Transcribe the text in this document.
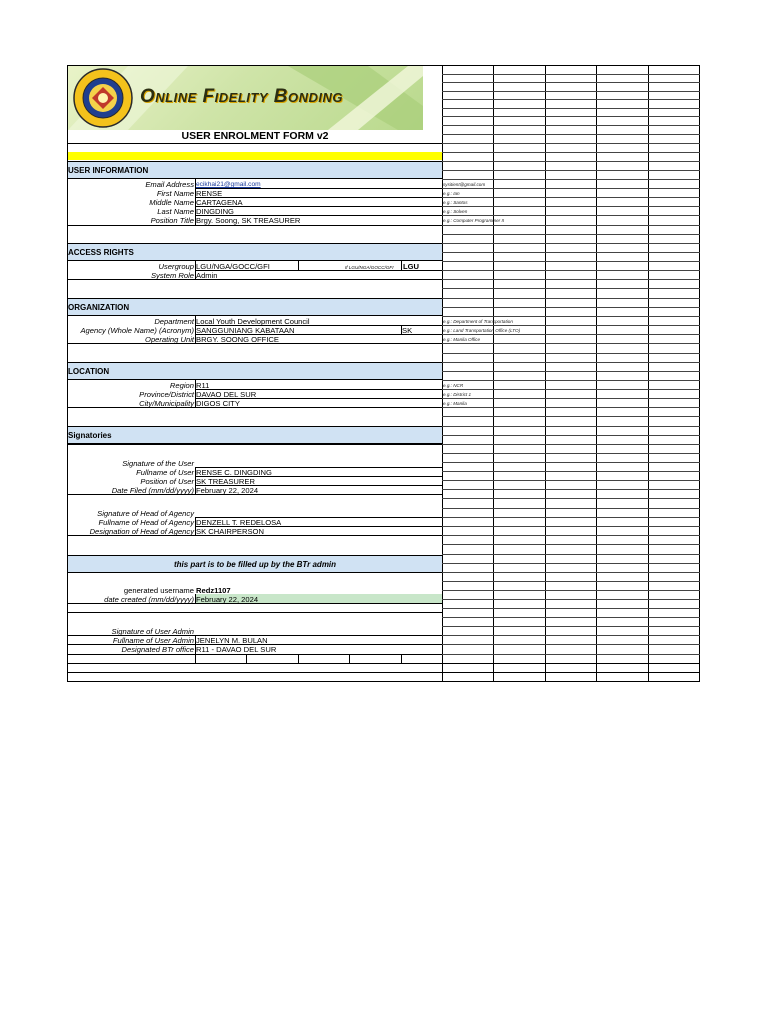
Online Fidelity Bonding
USER ENROLMENT FORM v2
USER INFORMATION
Email Address ecikhai21@gmail.com	sysitient@gmail.com
First Name RENSE	e.g.: Ian
Middle Name CARTAGENA	e.g.: Santos
Last Name DINGDING	e.g.: Solven
Position Title Brgy. Soong, SK TREASURER	e.g.: Computer Programmer II
ACCESS RIGHTS
Usergroup LGU/NGA/GOCC/GFI	If LGU/NGA/GOCC/GFI LGU
System Role Admin
ORGANIZATION
Department Local Youth Development Council	e.g.: Department of Transportation
Agency (Whole Name) (Acronym) SANGGUNIANG KABATAAN	SK	e.g.: Land Transportation Office (LTO)
Operating Unit BRGY. SOONG OFFICE	e.g.: Manila Office
LOCATION
Region R11	e.g.: NCR
Province/District DAVAO DEL SUR	e.g.: District 1
City/Municipality DIGOS CITY	e.g.: Manila
Signatories
Signature of the User
Fullname of User RENSE C. DINGDING
Position of User SK TREASURER
Date Filed (mm/dd/yyyy) February 22, 2024
Signature of Head of Agency
Fullname of Head of Agency DENZELL T. REDELOSA
Designation of Head of Agency SK CHAIRPERSON
this part is to be filled up by the BTr admin
generated username Redz1107
date created (mm/dd/yyyy) February 22, 2024
Signature of User Admin
Fullname of User Admin JENELYN M. BULAN
Designated BTr office R11 - DAVAO DEL SUR
